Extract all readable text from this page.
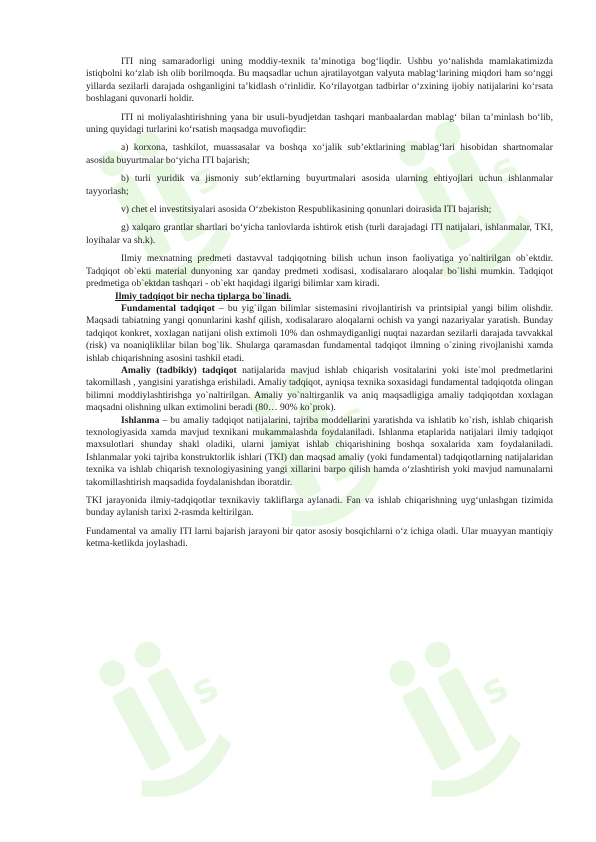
s	s
s
s	s

ITI ning samaradorligi uning moddiy-texnik ta’minotiga bog‘liqdir. Ushbu yo‘nalishda mamlakatimizda istiqbolni ko‘zlab ish olib borilmoqda. Bu maqsadlar uchun ajratilayotgan valyuta mablag‘larining miqdori ham so‘nggi yillarda sezilarli darajada oshganligini ta’kidlash o‘rinlidir. Ko‘rilayotgan tadbirlar o‘zxining ijobiy natijalarini ko‘rsata boshlagani quvonarli holdir.

ITI ni moliyalashtirishning yana bir usuli-byudjetdan tashqari manbaalardan mablag‘ bilan ta’minlash bo‘lib, uning quyidagi turlarini ko‘rsatish maqsadga muvofiqdir:

a) korxona, tashkilot, muassasalar va boshqa xo‘jalik sub’ektlarining mablag‘lari hisobidan shartnomalar asosida buyurtmalar bo‘yicha ITI bajarish;

b) turli yuridik va jismoniy sub’ektlarning buyurtmalari asosida ularning ehtiyojlari uchun ishlanmalar tayyorlash;

v) chet el investitsiyalari asosida O‘zbekiston Respublikasining qonunlari doirasida ITI bajarish;

g) xalqaro grantlar shartlari bo‘yicha tanlovlarda ishtirok etish (turli darajadagi ITI natijalari, ishlanmalar, TKI, loyihalar va sh.k).

Ilmiy mexnatning predmeti dastavval tadqiqotning bilish uchun inson faoliyatiga yo`naltirilgan ob`ektdir. Tadqiqot ob`ekti material dunyoning xar qanday predmeti xodisasi, xodisalararo aloqalar bo`lishi mumkin. Tadqiqot predmetiga ob`ektdan tashqari - ob`ekt haqidagi ilgarigi bilimlar xam kiradi.

Ilmiy tadqiqot bir necha tiplarga bo`linadi.

Fundamental tadqiqot – bu yig`ilgan bilimlar sistemasini rivojlantirish va printsipial yangi bilim olishdir. Maqsadi tabiatning yangi qonunlarini kashf qilish, xodisalararo aloqalarni ochish va yangi nazariyalar yaratish. Bunday tadqiqot konkret, xoxlagan natijani olish extimoli 10% dan oshmaydiganligi nuqtai nazardan sezilarli darajada tavvakkal (risk) va noaniqliklilar bilan bog`lik. Shularga qaramasdan fundamental tadqiqot ilmning o`zining rivojlanishi xamda ishlab chiqarishning asosini tashkil etadi.

Amaliy (tadbikiy) tadqiqot natijalarida mavjud ishlab chiqarish vositalarini yoki iste`mol predmetlarini takomillash , yangisini yaratishga erishiladi. Amaliy tadqiqot, ayniqsa texnika soxasidagi fundamental tadqiqotda olingan bilimni moddiylashtirishga yo`naltirilgan. Amaliy yo`naltirganlik va aniq maqsadligiga amaliy tadqiqotdan xoxlagan maqsadni olishning ulkan extimolini beradi (80… 90% ko`prok).

Ishlanma – bu amaliy tadqiqot natijalarini, tajriba moddellarini yaratishda va ishlatib ko`rish, ishlab chiqarish texnologiyasida xamda mavjud texnikani mukammalashda foydalaniladi. Ishlanma etaplarida natijalari ilmiy tadqiqot maxsulotlari shunday shakl oladiki, ularni jamiyat ishlab chiqarishining boshqa soxalarida xam foydalaniladi. Ishlanmalar yoki tajriba konstruktorlik ishlari (TKI) dan maqsad amaliy (yoki fundamental) tadqiqotlarning natijalaridan texnika va ishlab chiqarish texnologiyasining yangi xillarini barpo qilish hamda o‘zlashtirish yoki mavjud namunalarni takomillashtirish maqsadida foydalanishdan iboratdir.

TKI jarayonida ilmiy-tadqiqotlar texnikaviy takliflarga aylanadi. Fan va ishlab chiqarishning uyg‘unlashgan tizimida bunday aylanish tarixi 2-rasmda keltirilgan.

Fundamental va amaliy ITI larni bajarish jarayoni bir qator asosiy bosqichlarni o‘z ichiga oladi. Ular muayyan mantiqiy ketma-ketlikda joylashadi.
